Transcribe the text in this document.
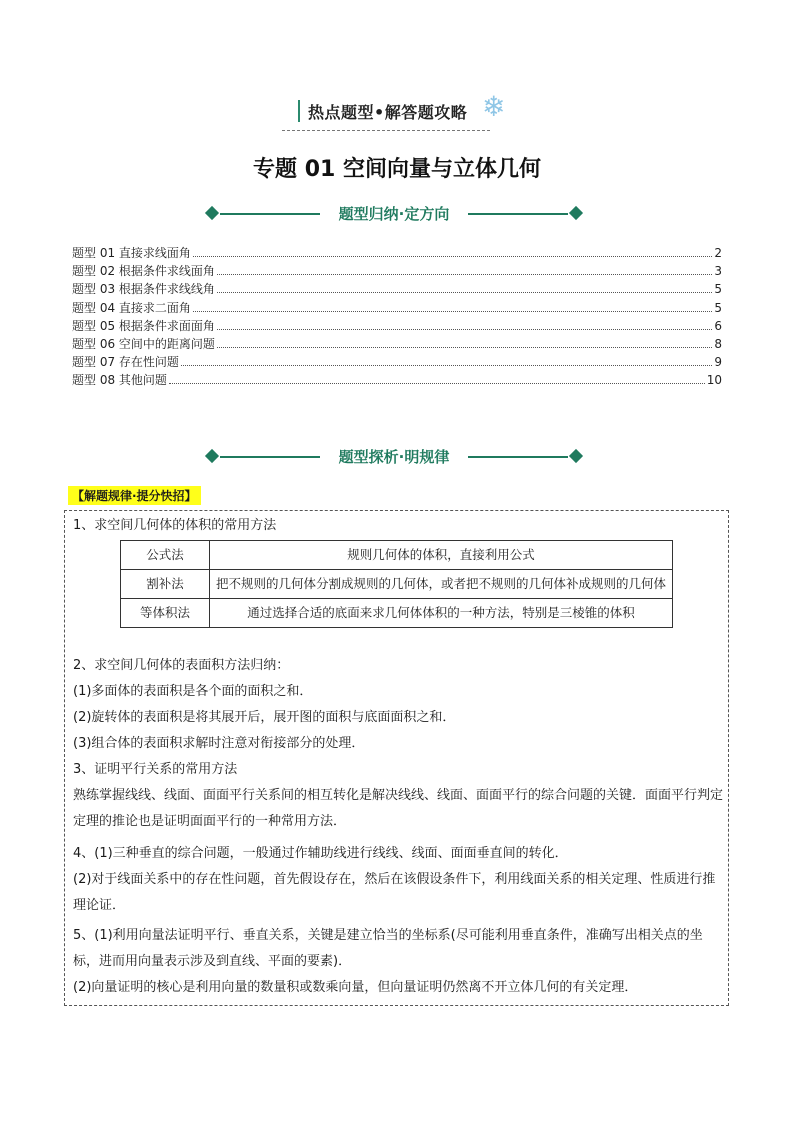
热点题型•解答题攻略 ❄
专题 01 空间向量与立体几何
题型归纳·定方向
题型 01 直接求线面角	2
题型 02 根据条件求线面角	3
题型 03 根据条件求线线角	5
题型 04 直接求二面角	5
题型 05 根据条件求面面角	6
题型 06 空间中的距离问题	8
题型 07 存在性问题	9
题型 08 其他问题	10
题型探析·明规律
【解题规律·提分快招】
1、求空间几何体的体积的常用方法
2、求空间几何体的表面积方法归纳：
(1)多面体的表面积是各个面的面积之和．
(2)旋转体的表面积是将其展开后，展开图的面积与底面面积之和．
(3)组合体的表面积求解时注意对衔接部分的处理．
3、证明平行关系的常用方法
熟练掌握线线、线面、面面平行关系间的相互转化是解决线线、线面、面面平行的综合问题的关键．面面平行判定定理的推论也是证明面面平行的一种常用方法．
4、(1)三种垂直的综合问题，一般通过作辅助线进行线线、线面、面面垂直间的转化．
(2)对于线面关系中的存在性问题，首先假设存在，然后在该假设条件下，利用线面关系的相关定理、性质进行推理论证．
5、(1)利用向量法证明平行、垂直关系，关键是建立恰当的坐标系(尽可能利用垂直条件，准确写出相关点的坐标，进而用向量表示涉及到直线、平面的要素)．
(2)向量证明的核心是利用向量的数量积或数乘向量，但向量证明仍然离不开立体几何的有关定理．
公式法	规则几何体的体积，直接利用公式
割补法	把不规则的几何体分割成规则的几何体，或者把不规则的几何体补成规则的几何体
等体积法	通过选择合适的底面来求几何体体积的一种方法，特别是三棱锥的体积
